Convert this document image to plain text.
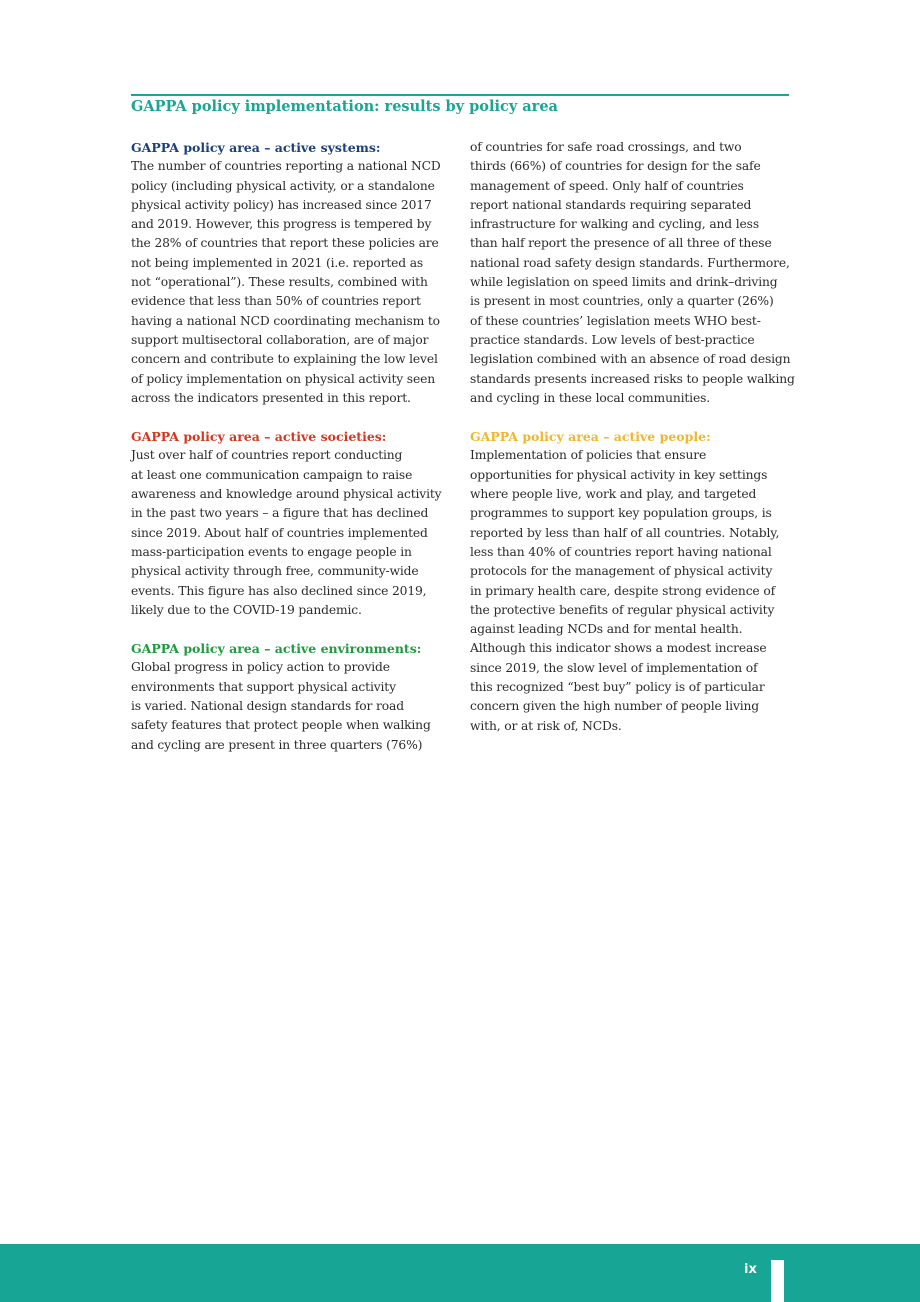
GAPPA policy implementation: results by policy area
GAPPA policy area – active systems:

The number of countries reporting a national NCD
policy (including physical activity, or a standalone
physical activity policy) has increased since 2017
and 2019. However, this progress is tempered by
the 28% of countries that report these policies are
not being implemented in 2021 (i.e. reported as
not “operational”). These results, combined with
evidence that less than 50% of countries report
having a national NCD coordinating mechanism to
support multisectoral collaboration, are of major
concern and contribute to explaining the low level
of policy implementation on physical activity seen
across the indicators presented in this report.

GAPPA policy area – active societies:

Just over half of countries report conducting
at least one communication campaign to raise
awareness and knowledge around physical activity
in the past two years – a figure that has declined
since 2019. About half of countries implemented
mass-participation events to engage people in
physical activity through free, community-wide
events. This figure has also declined since 2019,
likely due to the COVID-19 pandemic.

GAPPA policy area – active environments:

Global progress in policy action to provide
environments that support physical activity
is varied. National design standards for road
safety features that protect people when walking
and cycling are present in three quarters (76%)

of countries for safe road crossings, and two
thirds (66%) of countries for design for the safe
management of speed. Only half of countries
report national standards requiring separated
infrastructure for walking and cycling, and less
than half report the presence of all three of these
national road safety design standards. Furthermore,
while legislation on speed limits and drink–driving
is present in most countries, only a quarter (26%)
of these countries’ legislation meets WHO best-
practice standards. Low levels of best-practice
legislation combined with an absence of road design
standards presents increased risks to people walking
and cycling in these local communities.

GAPPA policy area – active people:

Implementation of policies that ensure
opportunities for physical activity in key settings
where people live, work and play, and targeted
programmes to support key population groups, is
reported by less than half of all countries. Notably,
less than 40% of countries report having national
protocols for the management of physical activity
in primary health care, despite strong evidence of
the protective benefits of regular physical activity
against leading NCDs and for mental health.
Although this indicator shows a modest increase
since 2019, the slow level of implementation of
this recognized “best buy” policy is of particular
concern given the high number of people living
with, or at risk of, NCDs.

ix
